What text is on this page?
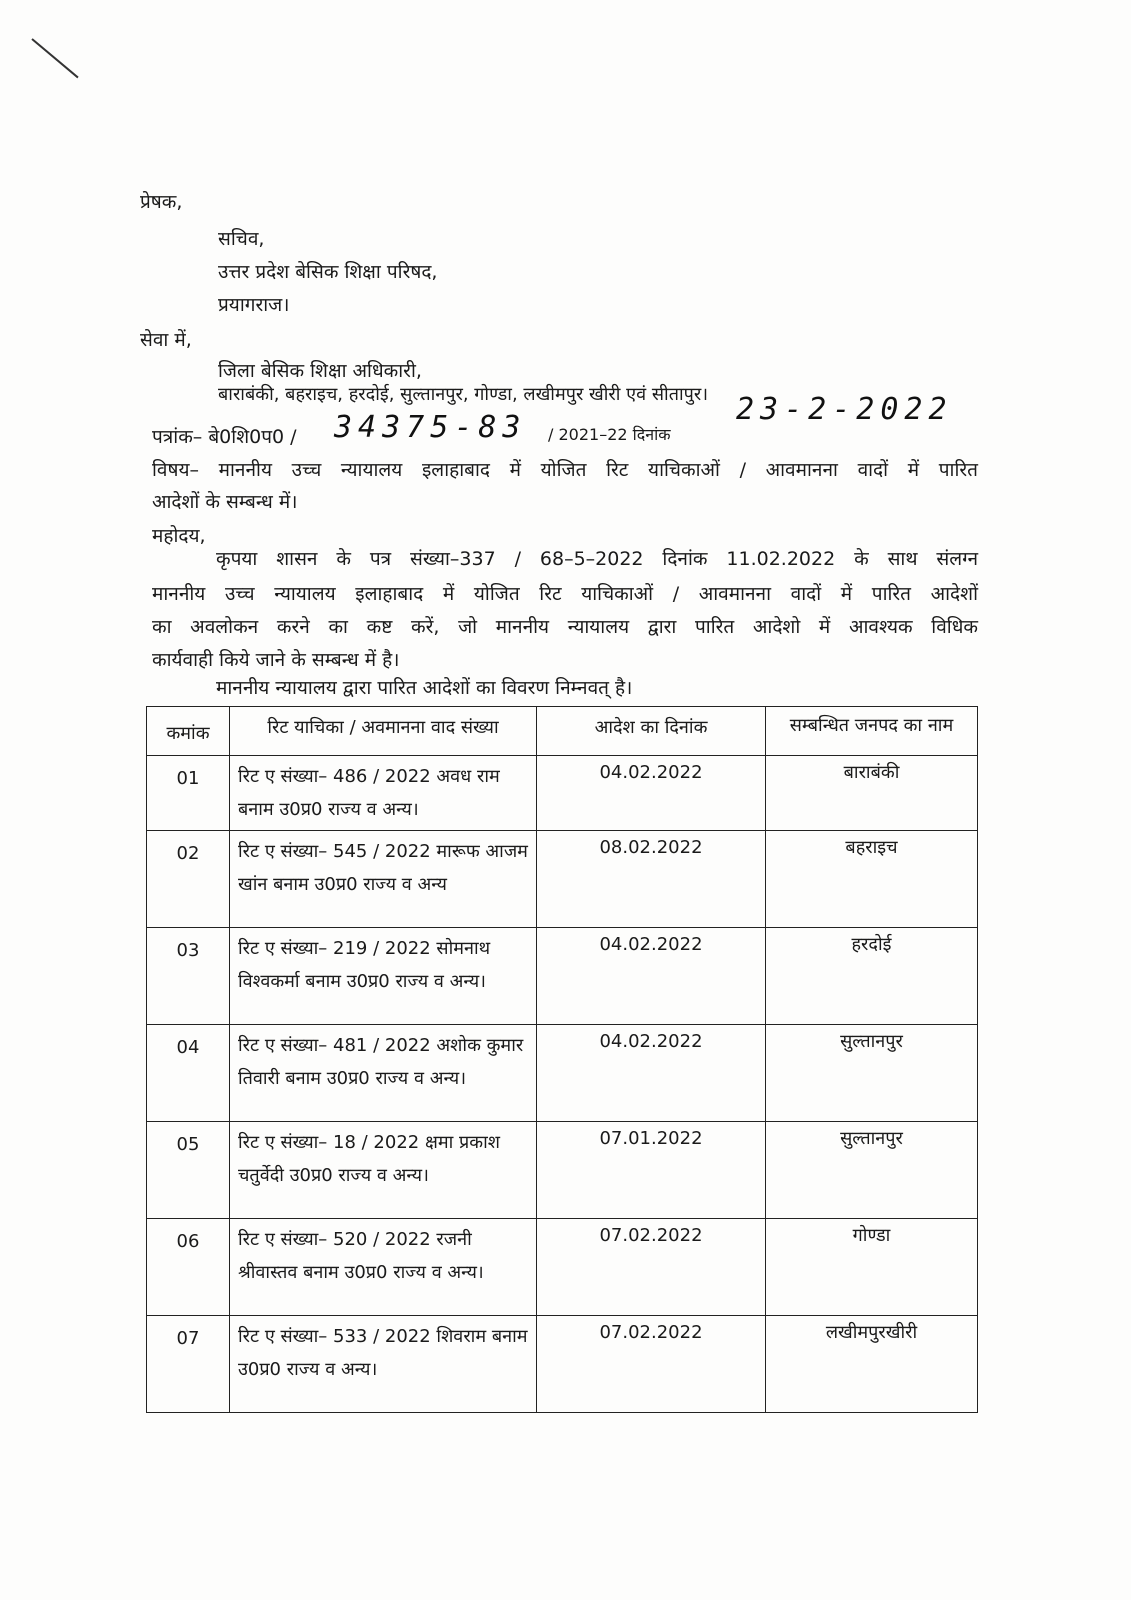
प्रेषक,
सचिव,
उत्तर प्रदेश बेसिक शिक्षा परिषद,
प्रयागराज।
सेवा में,
जिला बेसिक शिक्षा अधिकारी,
बाराबंकी, बहराइच, हरदोई, सुल्तानपुर, गोण्डा, लखीमपुर खीरी एवं सीतापुर।
पत्रांक– बे0शि0प0 / 34375-83 / 2021–22 दिनांक
23-2-2022
विषय– माननीय उच्च न्यायालय इलाहाबाद में योजित रिट याचिकाओं / आवमानना वादों में पारित
आदेशों के सम्बन्ध में।
महोदय,
कृपया शासन के पत्र संख्या–337 / 68–5–2022 दिनांक 11.02.2022 के साथ संलग्न
माननीय उच्च न्यायालय इलाहाबाद में योजित रिट याचिकाओं / आवमानना वादों में पारित आदेशों
का अवलोकन करने का कष्ट करें, जो माननीय न्यायालय द्वारा पारित आदेशो में आवश्यक विधिक
कार्यवाही किये जाने के सम्बन्ध में है।
माननीय न्यायालय द्वारा पारित आदेशों का विवरण निम्नवत् है।
कमांक	रिट याचिका / अवमानना वाद संख्या	आदेश का दिनांक	सम्बन्धित जनपद का नाम
01	रिट ए संख्या– 486 / 2022 अवध राम बनाम उ0प्र0 राज्य व अन्य।	04.02.2022	बाराबंकी
02	रिट ए संख्या– 545 / 2022 मारूफ आजम खांन बनाम उ0प्र0 राज्य व अन्य	08.02.2022	बहराइच
03	रिट ए संख्या– 219 / 2022 सोमनाथ विश्वकर्मा बनाम उ0प्र0 राज्य व अन्य।	04.02.2022	हरदोई
04	रिट ए संख्या– 481 / 2022 अशोक कुमार तिवारी बनाम उ0प्र0 राज्य व अन्य।	04.02.2022	सुल्तानपुर
05	रिट ए संख्या– 18 / 2022 क्षमा प्रकाश चतुर्वेदी उ0प्र0 राज्य व अन्य।	07.01.2022	सुल्तानपुर
06	रिट ए संख्या– 520 / 2022 रजनी श्रीवास्तव बनाम उ0प्र0 राज्य व अन्य।	07.02.2022	गोण्डा
07	रिट ए संख्या– 533 / 2022 शिवराम बनाम उ0प्र0 राज्य व अन्य।	07.02.2022	लखीमपुरखीरी
